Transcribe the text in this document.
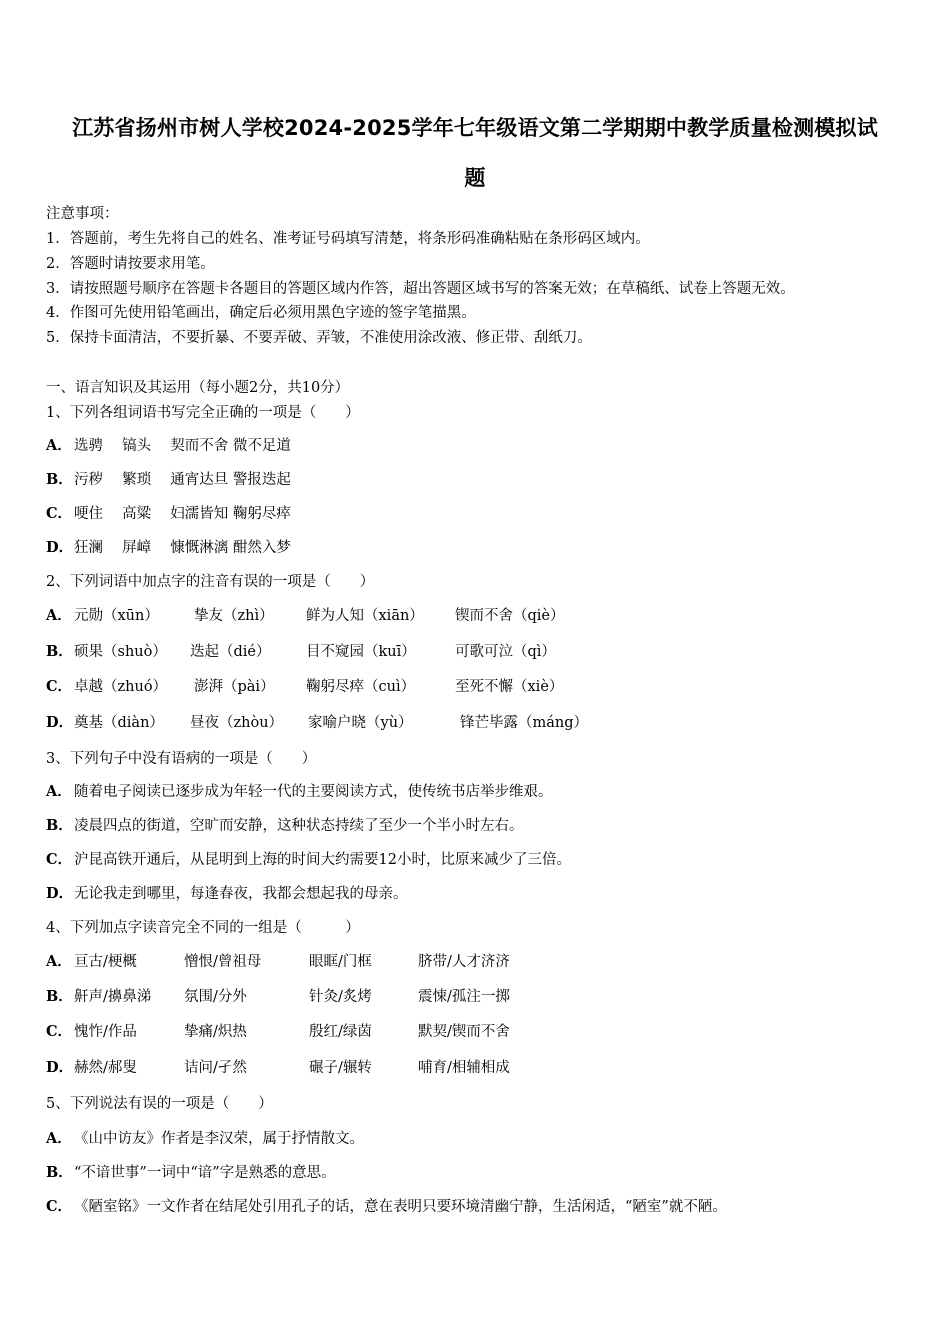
江苏省扬州市树人学校2024-2025学年七年级语文第二学期期中教学质量检测模拟试
题
注意事项：
1．答题前，考生先将自己的姓名、准考证号码填写清楚，将条形码准确粘贴在条形码区域内。
2．答题时请按要求用笔。
3．请按照题号顺序在答题卡各题目的答题区域内作答，超出答题区域书写的答案无效；在草稿纸、试卷上答题无效。
4．作图可先使用铅笔画出，确定后必须用黑色字迹的签字笔描黑。
5．保持卡面清洁，不要折暴、不要弄破、弄皱，不准使用涂改液、修正带、刮纸刀。
一、语言知识及其运用（每小题2分，共10分）
1、下列各组词语书写完全正确的一项是（　　）
A． 选骋　 镐头　 契而不舍 微不足道
B．污秽　 繁琐　 通宵达旦 警报迭起
C． 哽住　 高粱　 妇濡皆知 鞠躬尽瘁
D．狂澜　 屏嶂　 慷慨淋漓 酣然入梦
2、下列词语中加点字的注音有误的一项是（　　）
A． 元勋（xūn） 挚友（zhì） 鲜为人知（xiān） 锲而不舍（qiè）
B． 硕果（shuò） 迭起（dié） 目不窥园（kuī）	可歌可泣（qì）
C． 卓越（zhuó） 澎湃（pài） 鞠躬尽瘁（cuì）	至死不懈（xiè）
D． 奠基（diàn） 昼夜（zhòu） 家喻户晓（yù）	锋芒毕露（máng）
3、下列句子中没有语病的一项是（　　）
A． 随着电子阅读已逐步成为年轻一代的主要阅读方式，使传统书店举步维艰。
B．凌晨四点的街道，空旷而安静，这种状态持续了至少一个半小时左右。
C． 沪昆高铁开通后，从昆明到上海的时间大约需要12小时，比原来减少了三倍。
D．无论我走到哪里，每逢春夜，我都会想起我的母亲。
4、下列加点字读音完全不同的一组是（　　　）
A． 亘古/梗概	憎恨/曾祖母	眼眶/门框	脐带/人才济济
B． 鼾声/擤鼻涕 氛围/分外	针灸/炙烤	震悚/孤注一掷
C． 愧怍/作品	挚痛/炽热	殷红/绿茵	默契/锲而不舍
D． 赫然/郝叟	诘问/孑然	碾子/辗转	哺育/相辅相成
5、下列说法有误的一项是（　　）
A． 《山中访友》作者是李汉荣，属于抒情散文。
B．“不谙世事”一词中“谙”字是熟悉的意思。
C． 《陋室铭》一文作者在结尾处引用孔子的话，意在表明只要环境清幽宁静，生活闲适，“陋室”就不陋。
